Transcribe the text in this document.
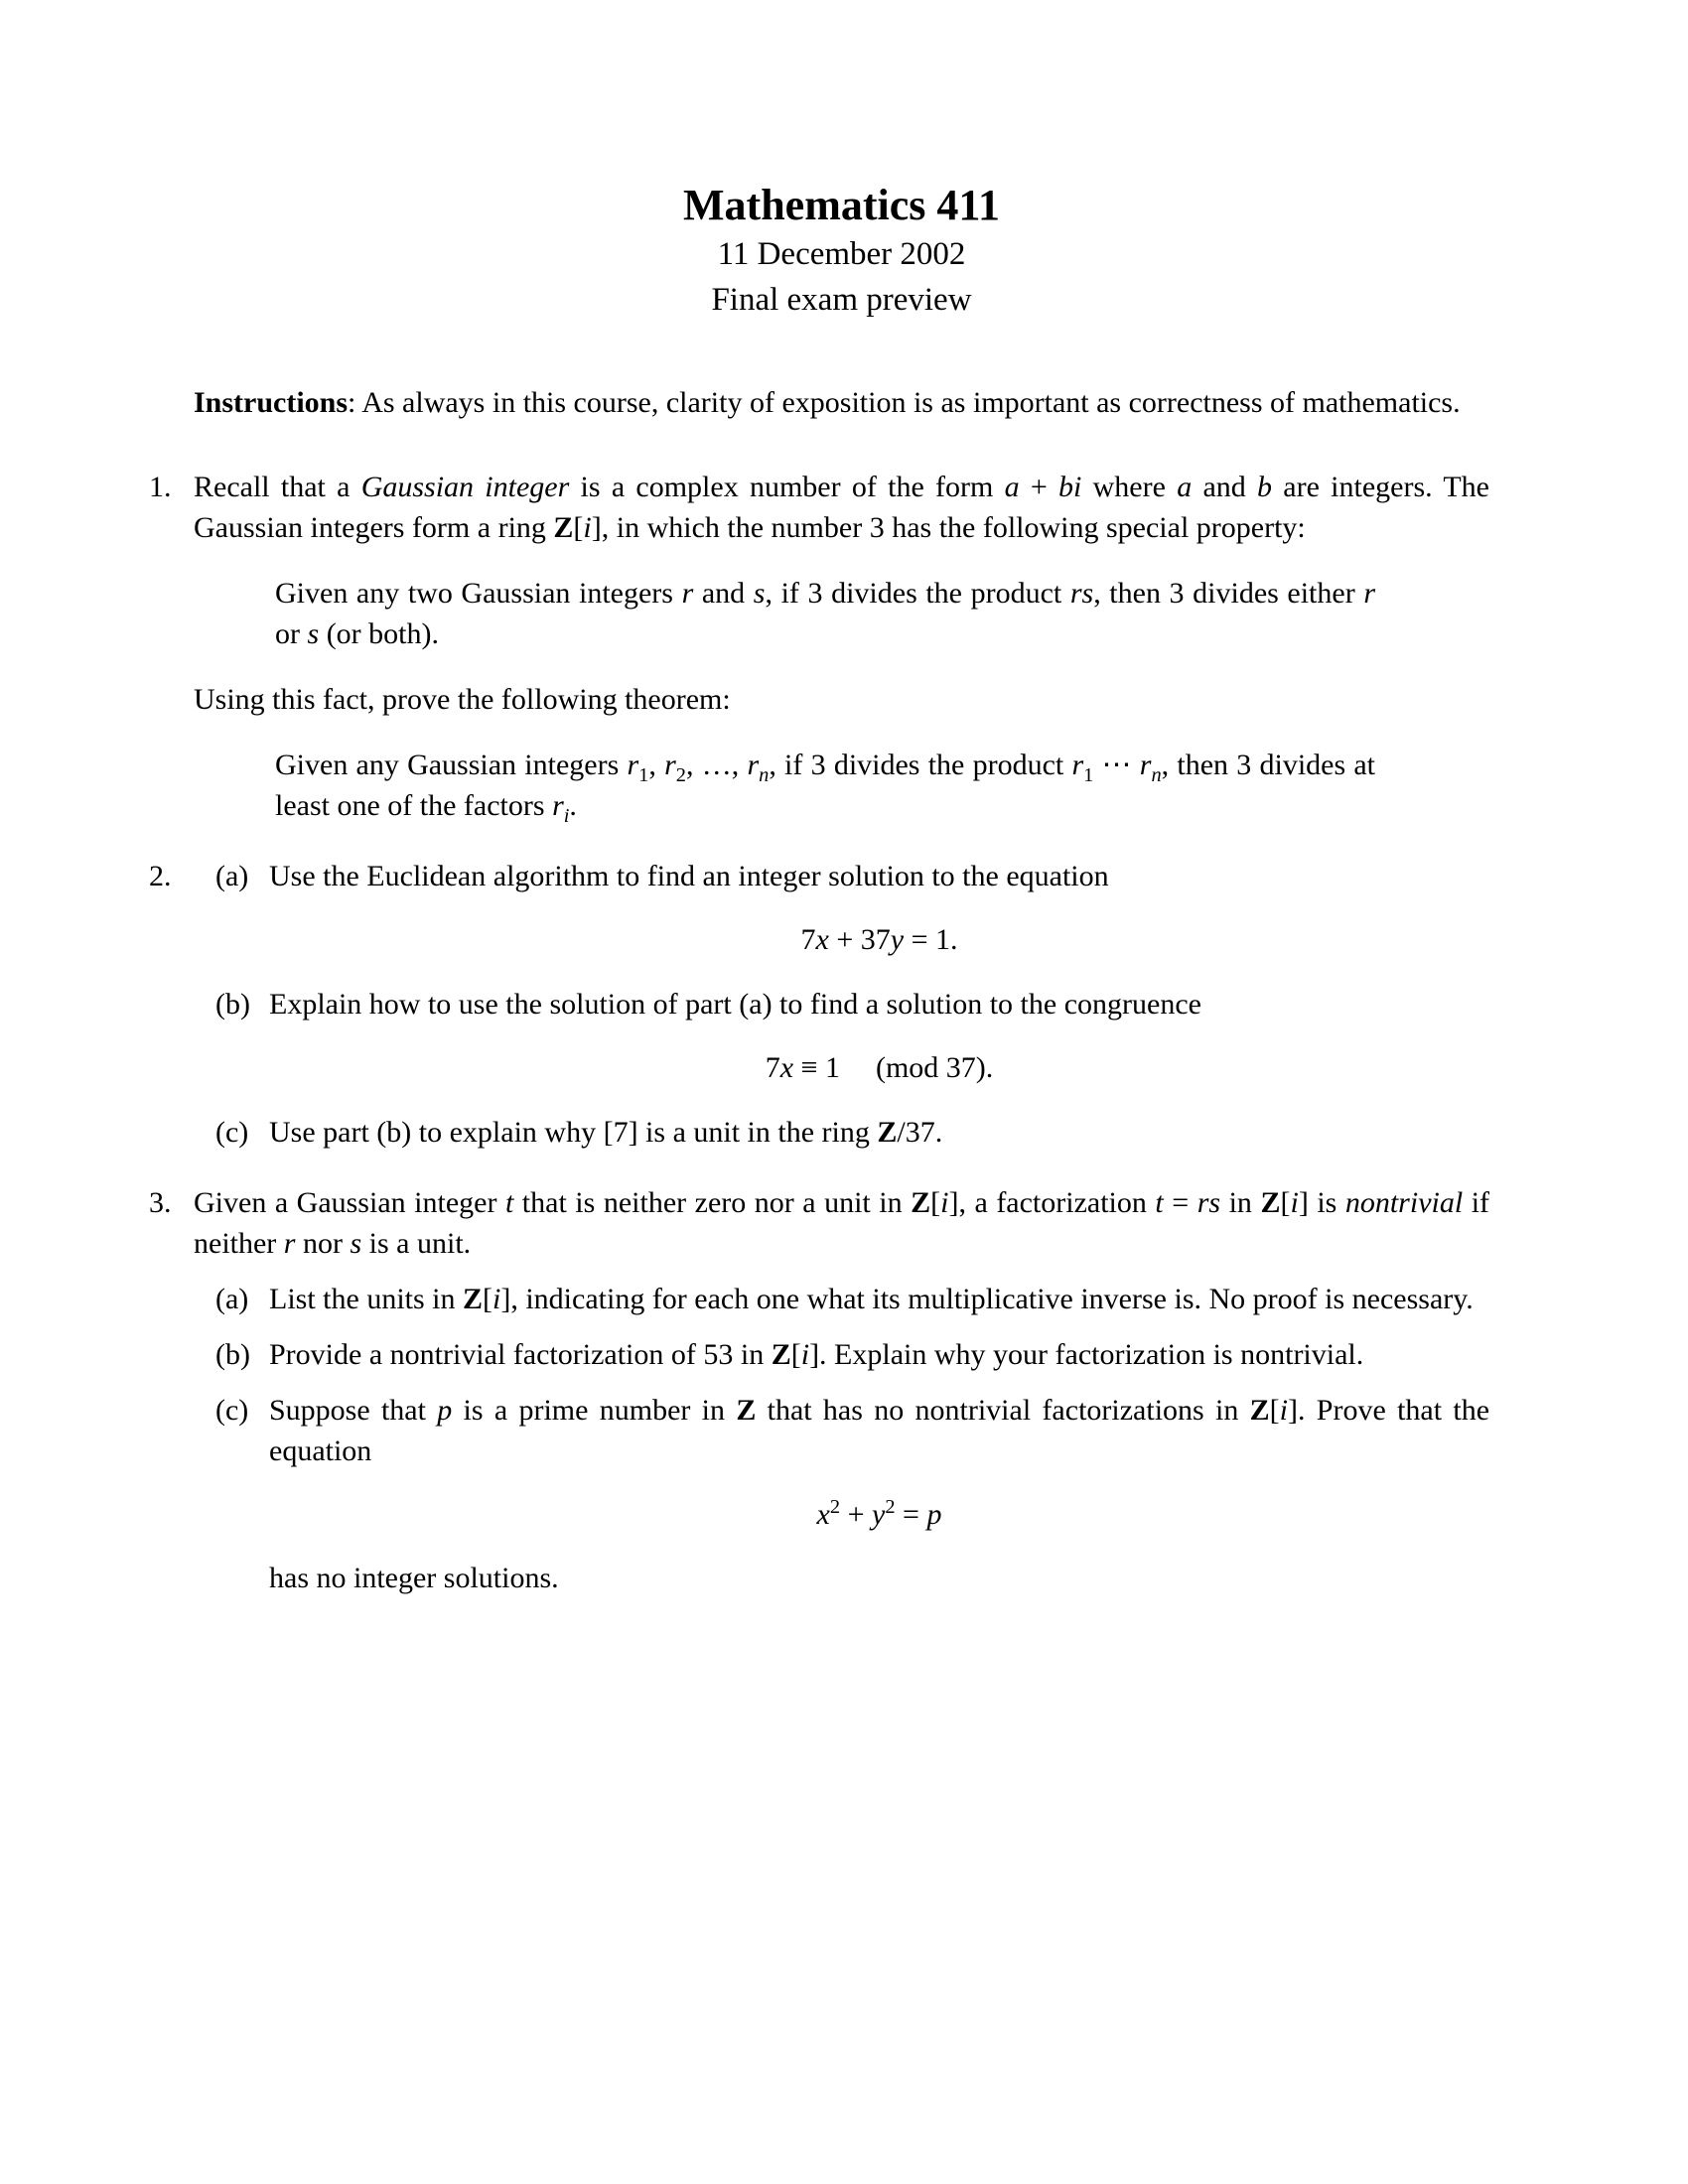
Mathematics 411
11 December 2002
Final exam preview

Instructions: As always in this course, clarity of exposition is as important as correctness of mathematics.

1. Recall that a Gaussian integer is a complex number of the form a + bi where a and b are integers. The Gaussian integers form a ring Z[i], in which the number 3 has the following special property:

Given any two Gaussian integers r and s, if 3 divides the product rs, then 3 divides either r or s (or both).

Using this fact, prove the following theorem:

Given any Gaussian integers $r_1$, $r_2$, …, $r_n$, if 3 divides the product $r_1$ ⋯ $r_n$, then 3 divides at least one of the factors $r_i$.

2. (a) Use the Euclidean algorithm to find an integer solution to the equation

7x + 37y = 1.
(b) Explain how to use the solution of part (a) to find a solution to the congruence

7x ≡ 1  (mod 37).
(c) Use part (b) to explain why [7] is a unit in the ring Z/37.

3. Given a Gaussian integer t that is neither zero nor a unit in Z[i], a factorization t = rs in Z[i] is nontrivial if neither r nor s is a unit.

(a) List the units in Z[i], indicating for each one what its multiplicative inverse is. No proof is necessary.

(b) Provide a nontrivial factorization of 53 in Z[i]. Explain why your factorization is nontrivial.

(c) Suppose that p is a prime number in Z that has no nontrivial factorizations in Z[i]. Prove that the equation

$x^2 + y^2 = p$

has no integer solutions.
